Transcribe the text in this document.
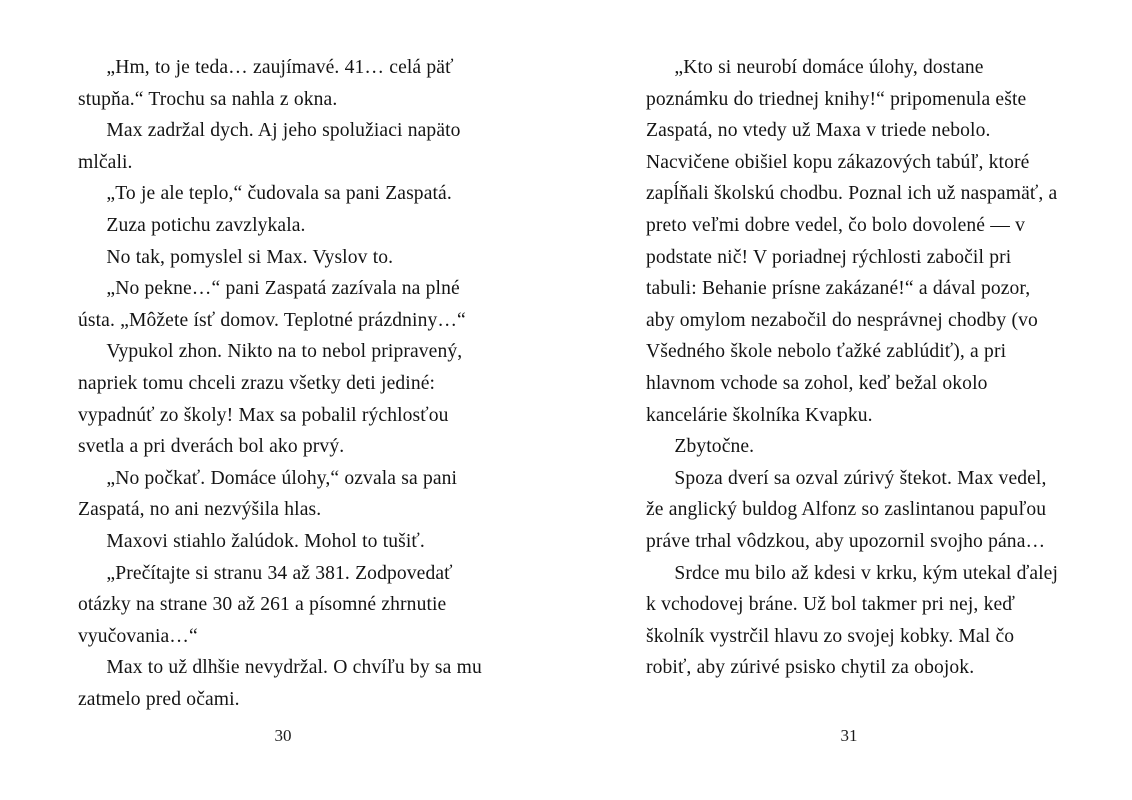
„Hm, to je teda… zaujímavé. 41… celá päť stupňa.“ Trochu sa nahla z okna.

Max zadržal dych. Aj jeho spolužiaci napäto mlčali.

„To je ale teplo,“ čudovala sa pani Zaspatá.

Zuza potichu zavzlykala.

No tak, pomyslel si Max. Vyslov to.

„No pekne…“ pani Zaspatá zazívala na plné ústa. „Môžete ísť domov. Teplotné prázdniny…“

Vypukol zhon. Nikto na to nebol pripravený, napriek tomu chceli zrazu všetky deti jediné: vypadnúť zo školy! Max sa pobalil rýchlosťou svetla a pri dverách bol ako prvý.

„No počkať. Domáce úlohy,“ ozvala sa pani Zaspatá, no ani nezvýšila hlas.

Maxovi stiahlo žalúdok. Mohol to tušiť.

„Prečítajte si stranu 34 až 381. Zodpovedať otázky na strane 30 až 261 a písomné zhrnutie vyučovania…“

Max to už dlhšie nevydržal. O chvíľu by sa mu zatmelo pred očami.

30

„Kto si neurobí domáce úlohy, dostane poznámku do triednej knihy!“ pripomenula ešte Zaspatá, no vtedy už Maxa v triede nebolo. Nacvičene obišiel kopu zákazových tabúľ, ktoré zapĺňali školskú chodbu. Poznal ich už naspamäť, a preto veľmi dobre vedel, čo bolo dovolené — v podstate nič! V poriadnej rýchlosti zabočil pri tabuli: Behanie prísne zakázané!“ a dával pozor, aby omylom nezabočil do nesprávnej chodby (vo Všedného škole nebolo ťažké zablúdiť), a pri hlavnom vchode sa zohol, keď bežal okolo kancelárie školníka Kvapku.

Zbytočne.

Spoza dverí sa ozval zúrivý štekot. Max vedel, že anglický buldog Alfonz so zaslintanou papuľou práve trhal vôdzkou, aby upozornil svojho pána…

Srdce mu bilo až kdesi v krku, kým utekal ďalej k vchodovej bráne. Už bol takmer pri nej, keď školník vystrčil hlavu zo svojej kobky. Mal čo robiť, aby zúrivé psisko chytil za obojok.

31
